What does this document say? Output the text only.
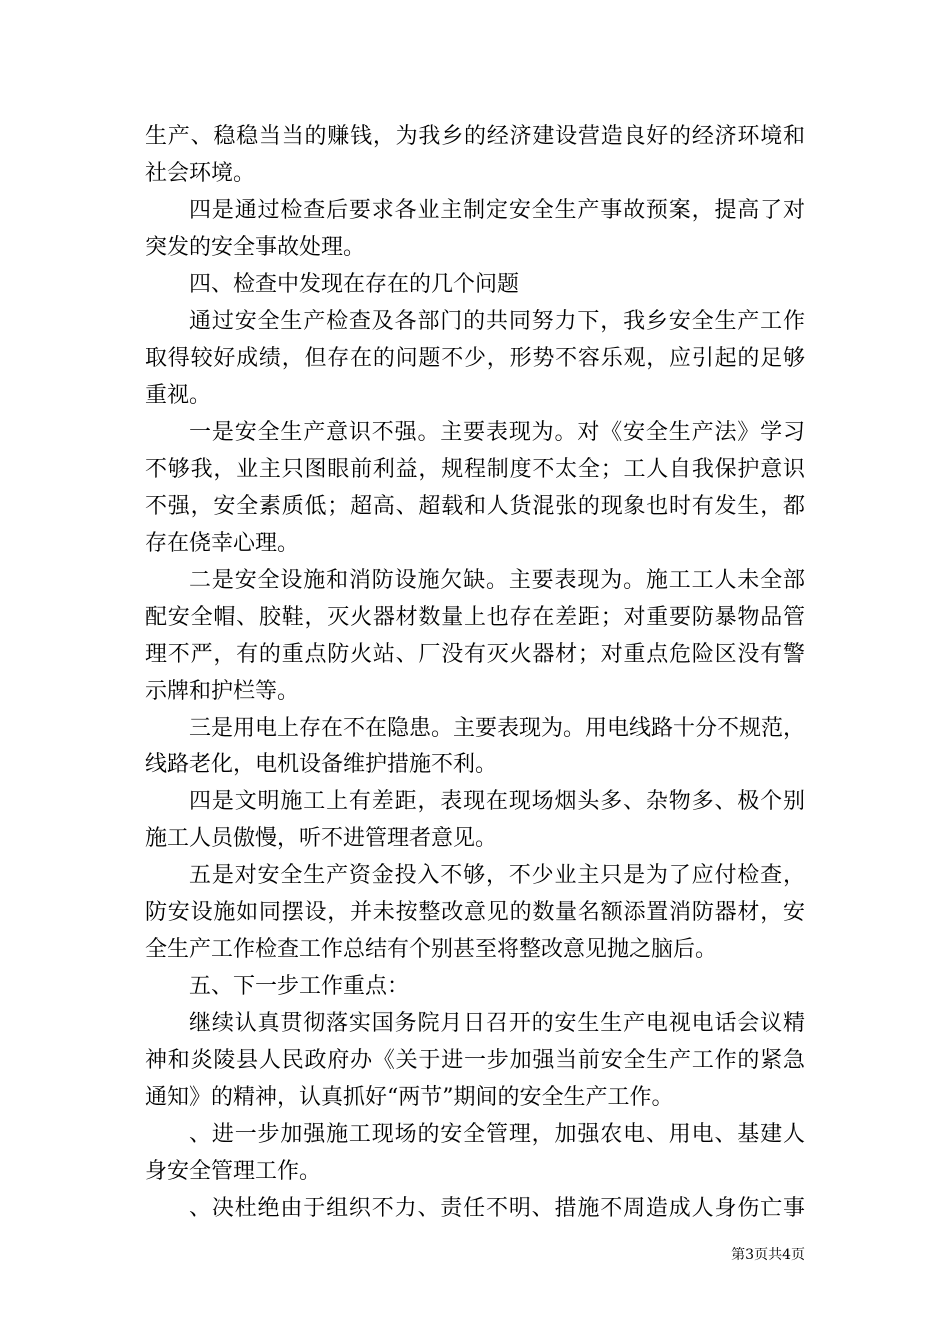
生产、稳稳当当的赚钱，为我乡的经济建设营造良好的经济环境和
社会环境。
四是通过检查后要求各业主制定安全生产事故预案，提高了对
突发的安全事故处理。
四、检查中发现在存在的几个问题
通过安全生产检查及各部门的共同努力下，我乡安全生产工作
取得较好成绩，但存在的问题不少，形势不容乐观，应引起的足够
重视。
一是安全生产意识不强。主要表现为。对《安全生产法》学习
不够我，业主只图眼前利益，规程制度不太全；工人自我保护意识
不强，安全素质低；超高、超载和人货混张的现象也时有发生，都
存在侥幸心理。
二是安全设施和消防设施欠缺。主要表现为。施工工人未全部
配安全帽、胶鞋，灭火器材数量上也存在差距；对重要防暴物品管
理不严，有的重点防火站、厂没有灭火器材；对重点危险区没有警
示牌和护栏等。
三是用电上存在不在隐患。主要表现为。用电线路十分不规范，
线路老化，电机设备维护措施不利。
四是文明施工上有差距，表现在现场烟头多、杂物多、极个别
施工人员傲慢，听不进管理者意见。
五是对安全生产资金投入不够，不少业主只是为了应付检查，
防安设施如同摆设，并未按整改意见的数量名额添置消防器材，安
全生产工作检查工作总结有个别甚至将整改意见抛之脑后。
五、下一步工作重点：
继续认真贯彻落实国务院月日召开的安生生产电视电话会议精
神和炎陵县人民政府办《关于进一步加强当前安全生产工作的紧急
通知》的精神，认真抓好“两节”期间的安全生产工作。
、进一步加强施工现场的安全管理，加强农电、用电、基建人
身安全管理工作。
、决杜绝由于组织不力、责任不明、措施不周造成人身伤亡事
第3页共4页
